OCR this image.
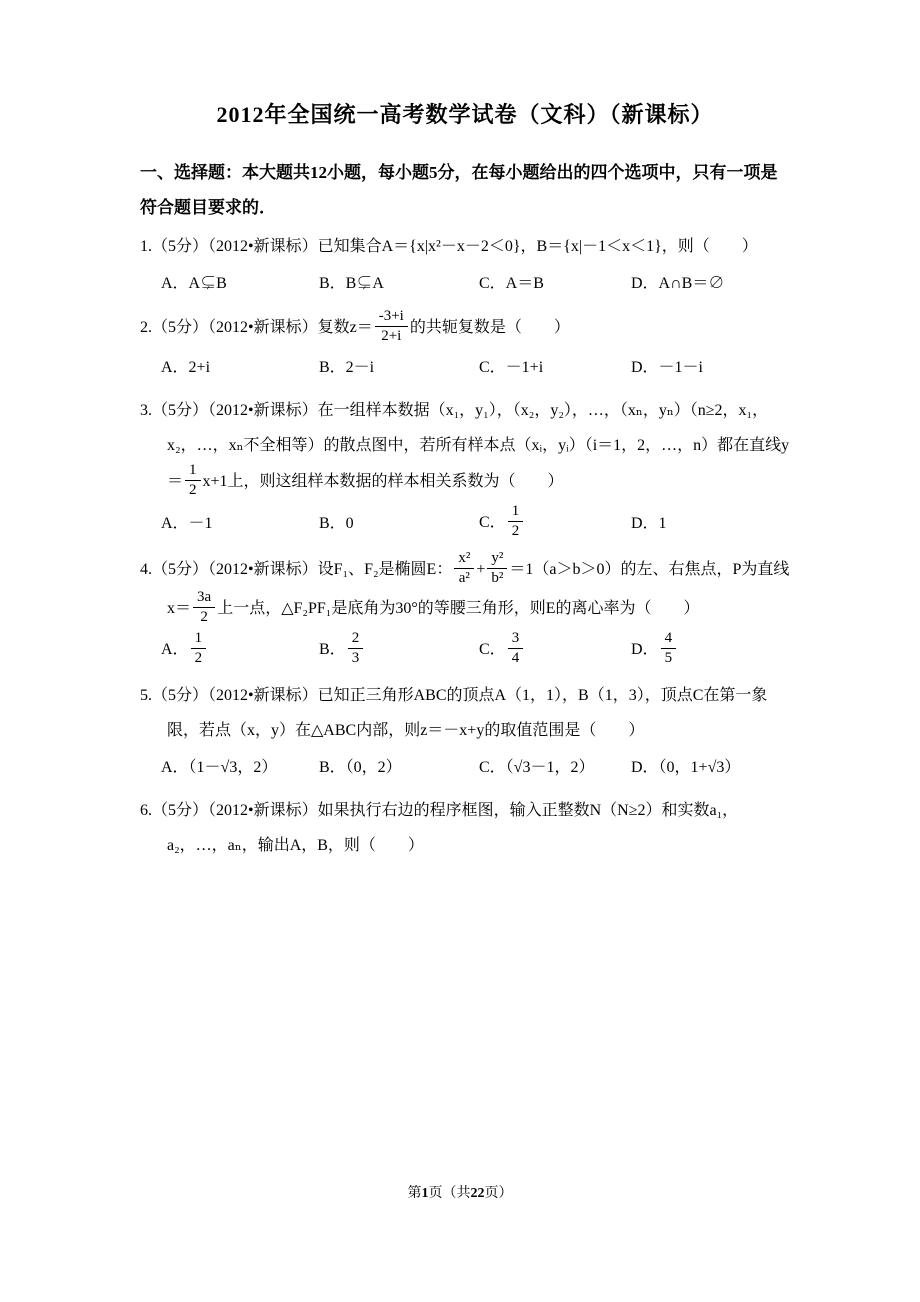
2012年全国统一高考数学试卷（文科）（新课标）

一、选择题：本大题共12小题，每小题5分，在每小题给出的四个选项中，只有一项是符合题目要求的．

1.（5分）（2012•新课标）已知集合A＝{x|x²－x－2＜0}，B＝{x|－1＜x＜1}，则（　　）

A．A⊊B	B．B⊊A	C．A＝B	D．A∩B＝∅

2.（5分）（2012•新课标）复数$z= \frac{-3+i}{2+i}$ 的共轭复数是（　　）

A．2+i	B．2－i	C．－1+i	D．－1－i

3.（5分）（2012•新课标）在一组样本数据（x₁，y₁），（x₂，y₂），…，（xₙ，yₙ）（n≥2，x₁，x₂，…，xₙ不全相等）的散点图中，若所有样本点（xᵢ，yᵢ）（i＝1，2，…，n）都在直线$y= \frac{1}{2} x+1$上，则这组样本数据的样本相关系数为（　　）

A．－1	B．0	C． $\frac{1}{2}$	D．1

4.（5分）（2012•新课标）设F₁、F₂是椭圆E： $\frac{\text{x²}}{\text{a²}} + \frac{\text{y²}}{\text{b²}} =1(a>b>0)$的左、右焦点，P为直线$x= \frac{3a}{2}$ 上一点，△F₂PF₁是底角为30°的等腰三角形，则E的离心率为（　　）

A． $\frac{1}{2}$	B． $\frac{2}{3}$	C． $\frac{3}{4}$	D． $\frac{4}{5}$

5.（5分）（2012•新课标）已知正三角形ABC的顶点A（1，1），B（1，3），顶点C在第一象限，若点（x，y）在△ABC内部，则z＝－x+y的取值范围是（　　）

A．（1－√3，2）	B．（0，2）	C．（√3－1，2）	D．（0，1+√3）

6.（5分）（2012•新课标）如果执行右边的程序框图，输入正整数N（N≥2）和实数a₁，a₂，…，aₙ，输出A，B，则（　　）

第1页（共22页）
